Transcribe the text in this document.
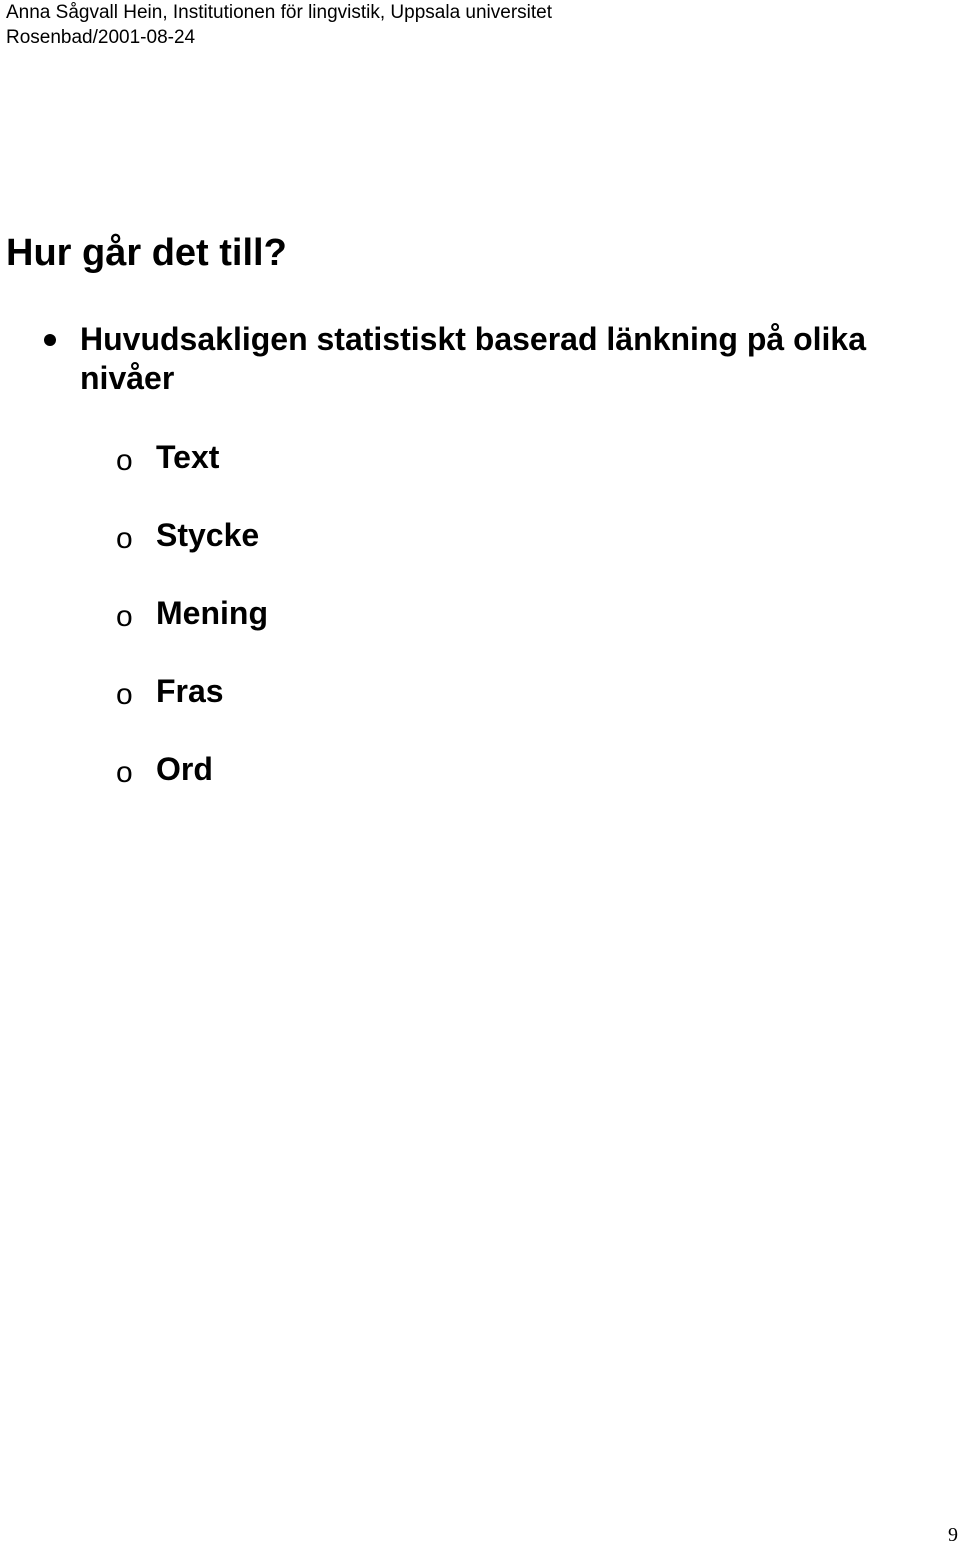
Anna Sågvall Hein, Institutionen för lingvistik, Uppsala universitet
Rosenbad/2001-08-24
Hur går det till?
Huvudsakligen statistiskt baserad länkning på olika nivåer
o Text
o Stycke
o Mening
o Fras
o Ord
9
